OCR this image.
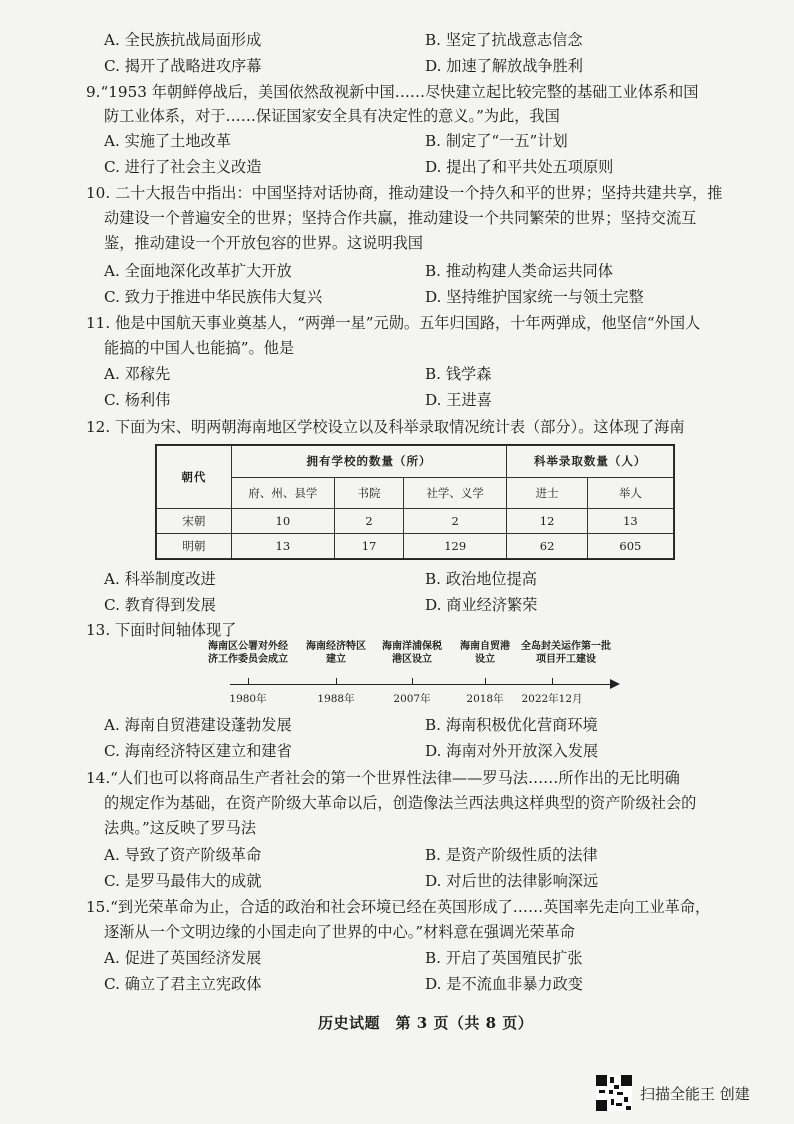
A. 全民族抗战局面形成	B. 坚定了抗战意志信念
C. 揭开了战略进攻序幕	D. 加速了解放战争胜利
9.“1953 年朝鲜停战后，美国依然敌视新中国……尽快建立起比较完整的基础工业体系和国
防工业体系，对于……保证国家安全具有决定性的意义。”为此，我国
A. 实施了土地改革	B. 制定了“一五”计划
C. 进行了社会主义改造	D. 提出了和平共处五项原则
10. 二十大报告中指出：中国坚持对话协商，推动建设一个持久和平的世界；坚持共建共享，推
动建设一个普遍安全的世界；坚持合作共赢，推动建设一个共同繁荣的世界；坚持交流互
鉴，推动建设一个开放包容的世界。这说明我国
A. 全面地深化改革扩大开放	B. 推动构建人类命运共同体
C. 致力于推进中华民族伟大复兴	D. 坚持维护国家统一与领土完整
11. 他是中国航天事业奠基人，“两弹一星”元勋。五年归国路，十年两弹成，他坚信“外国人
能搞的中国人也能搞”。他是
A. 邓稼先	B. 钱学森
C. 杨利伟	D. 王进喜
12. 下面为宋、明两朝海南地区学校设立以及科举录取情况统计表（部分）。这体现了海南
朝代	拥有学校的数量（所）			科举录取数量（人）	
	府、州、县学	书院	社学、义学	进士	举人
宋朝	10	2	2	12	13
明朝	13	17	129	62	605
A. 科举制度改进	B. 政治地位提高
C. 教育得到发展	D. 商业经济繁荣
13. 下面时间轴体现了
海南区公署对外经
济工作委员会成立
海南经济特区
建立
海南洋浦保税
港区设立
海南自贸港
设立
全岛封关运作第一批
项目开工建设
1980年	1988年	2007年	2018年 2022年12月
A. 海南自贸港建设蓬勃发展	B. 海南积极优化营商环境
C. 海南经济特区建立和建省	D. 海南对外开放深入发展
14.“人们也可以将商品生产者社会的第一个世界性法律——罗马法……所作出的无比明确
的规定作为基础，在资产阶级大革命以后，创造像法兰西法典这样典型的资产阶级社会的
法典。”这反映了罗马法
A. 导致了资产阶级革命	B. 是资产阶级性质的法律
C. 是罗马最伟大的成就	D. 对后世的法律影响深远
15.“到光荣革命为止，合适的政治和社会环境已经在英国形成了……英国率先走向工业革命，
逐渐从一个文明边缘的小国走向了世界的中心。”材料意在强调光荣革命
A. 促进了英国经济发展	B. 开启了英国殖民扩张
C. 确立了君主立宪政体	D. 是不流血非暴力政变
历史试题　第 3 页（共 8 页）
扫描全能王 创建
